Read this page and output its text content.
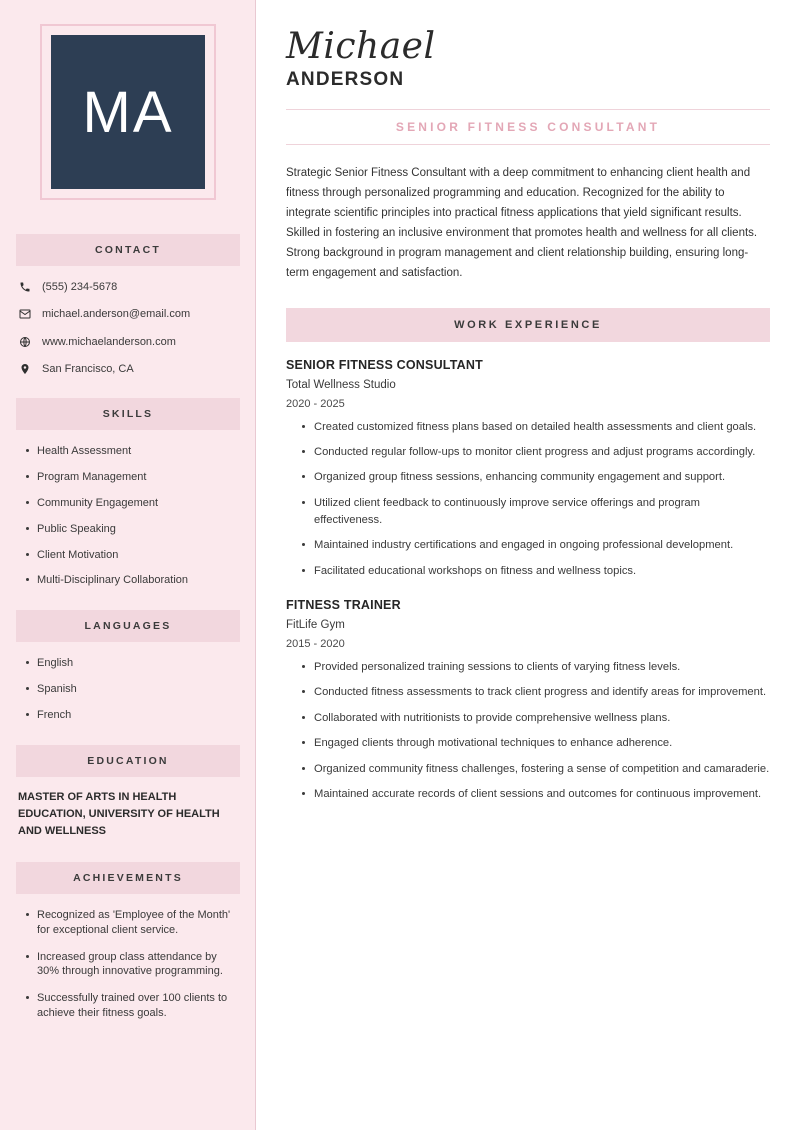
MA
CONTACT
(555) 234-5678
michael.anderson@email.com
www.michaelanderson.com
San Francisco, CA
SKILLS
Health Assessment
Program Management
Community Engagement
Public Speaking
Client Motivation
Multi-Disciplinary Collaboration
LANGUAGES
English
Spanish
French
EDUCATION
MASTER OF ARTS IN HEALTH EDUCATION, UNIVERSITY OF HEALTH AND WELLNESS
ACHIEVEMENTS
Recognized as 'Employee of the Month' for exceptional client service.
Increased group class attendance by 30% through innovative programming.
Successfully trained over 100 clients to achieve their fitness goals.
Michael
ANDERSON
SENIOR FITNESS CONSULTANT

Strategic Senior Fitness Consultant with a deep commitment to enhancing client health and fitness through personalized programming and education. Recognized for the ability to integrate scientific principles into practical fitness applications that yield significant results. Skilled in fostering an inclusive environment that promotes health and wellness for all clients. Strong background in program management and client relationship building, ensuring long-term engagement and satisfaction.

WORK EXPERIENCE
SENIOR FITNESS CONSULTANT
Total Wellness Studio
2020 - 2025
Created customized fitness plans based on detailed health assessments and client goals.
Conducted regular follow-ups to monitor client progress and adjust programs accordingly.
Organized group fitness sessions, enhancing community engagement and support.
Utilized client feedback to continuously improve service offerings and program effectiveness.
Maintained industry certifications and engaged in ongoing professional development.
Facilitated educational workshops on fitness and wellness topics.
FITNESS TRAINER
FitLife Gym
2015 - 2020
Provided personalized training sessions to clients of varying fitness levels.
Conducted fitness assessments to track client progress and identify areas for improvement.
Collaborated with nutritionists to provide comprehensive wellness plans.
Engaged clients through motivational techniques to enhance adherence.
Organized community fitness challenges, fostering a sense of competition and camaraderie.
Maintained accurate records of client sessions and outcomes for continuous improvement.
